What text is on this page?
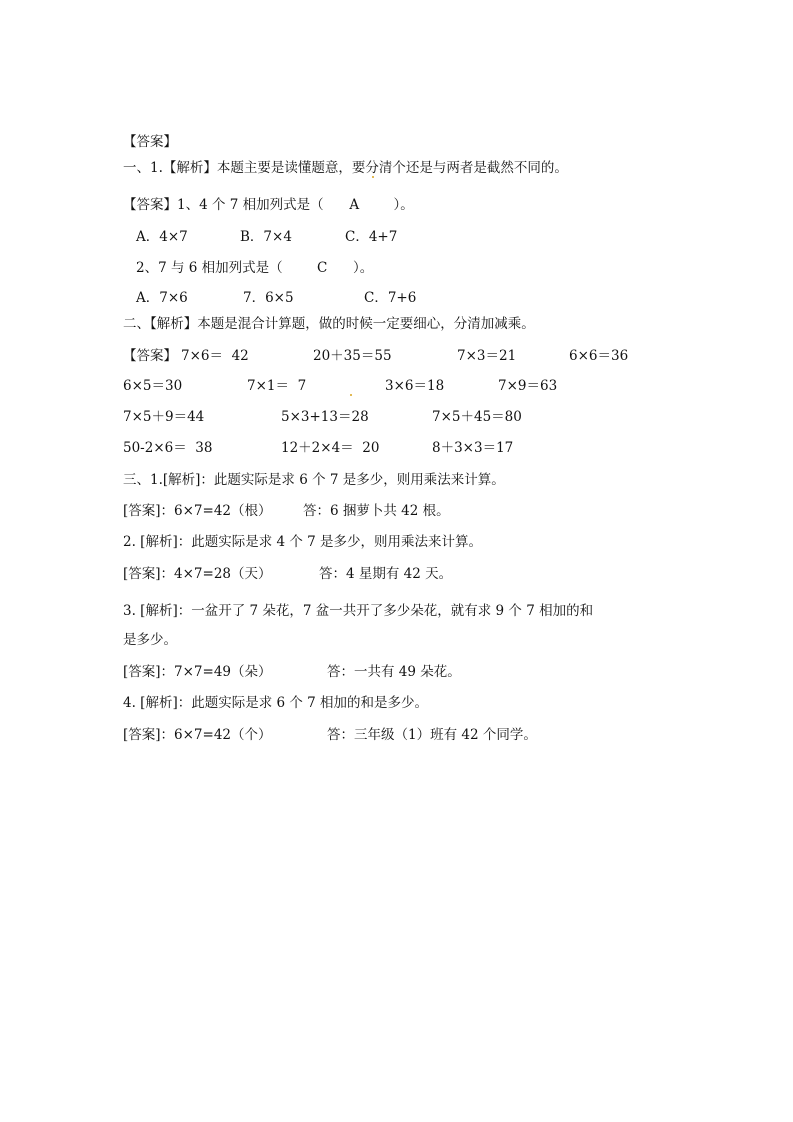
【答案】
一、1.【解析】本题主要是读懂题意，要分清个还是与两者是截然不同的。
【答案】1、4 个 7 相加列式是（      A        ）。
A．4×7	B．7×4	C．4+7
2、7 与 6 相加列式是（        C      ）。
A．7×6	7．6×5	C．7+6
二、【解析】本题是混合计算题，做的时候一定要细心，分清加减乘。
【答案】 7×6＝  42	20＋35＝55	7×3＝21	6×6＝36
6×5＝30	7×1＝  7	3×6＝18	7×9＝63
7×5＋9＝44	5×3+13＝28	7×5＋45＝80
50-2×6＝  38	12＋2×4＝  20	8＋3×3＝17
三、1.[解析]：此题实际是求 6 个 7 是多少，则用乘法来计算。
[答案]：6×7=42（根） 答：6 捆萝卜共 42 根。
2. [解析]：此题实际是求 4 个 7 是多少，则用乘法来计算。
[答案]：4×7=28（天）	答：4 星期有 42 天。
3. [解析]：一盆开了 7 朵花，7 盆一共开了多少朵花，就有求 9 个 7 相加的和
是多少。
[答案]：7×7=49（朵）	答：一共有 49 朵花。
4. [解析]：此题实际是求 6 个 7 相加的和是多少。
[答案]：6×7=42（个）	答：三年级（1）班有 42 个同学。
